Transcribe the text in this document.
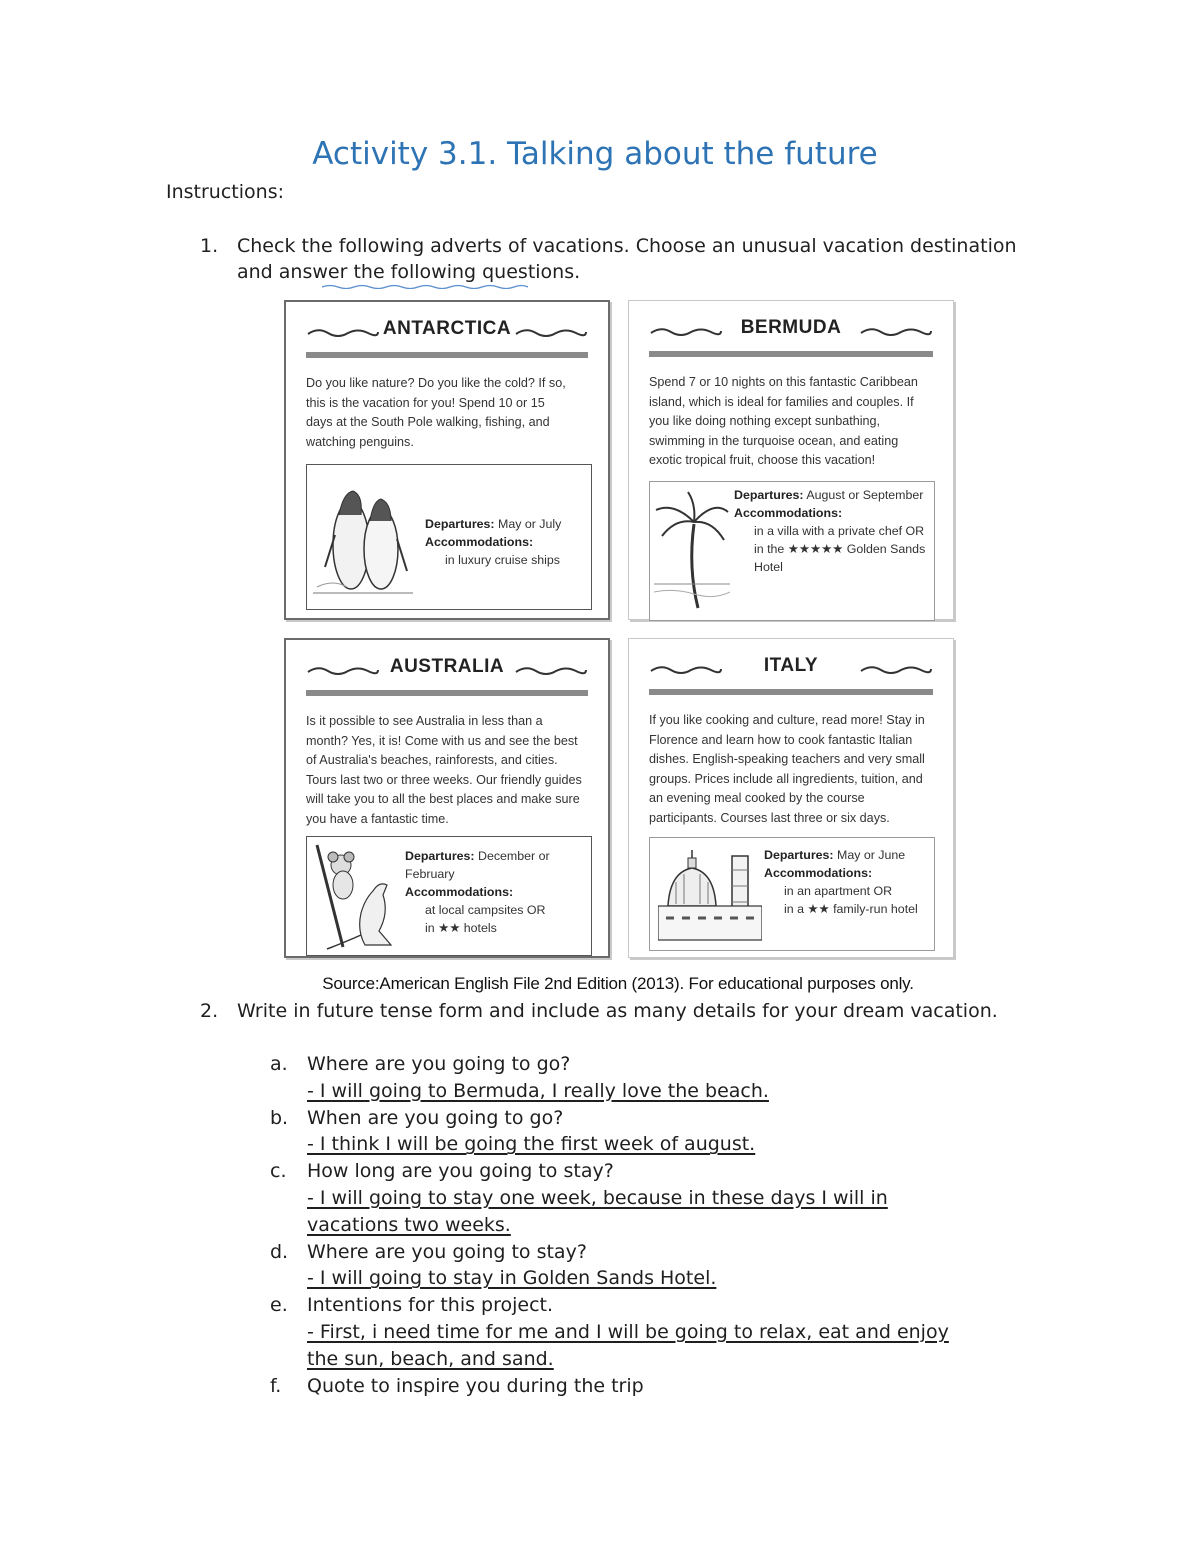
Activity 3.1. Talking about the future
Instructions:
1. Check the following adverts of vacations. Choose an unusual vacation destination and answer the following questions.
ANTARCTICA
Do you like nature? Do you like the cold? If so, this is the vacation for you! Spend 10 or 15 days at the South Pole walking, fishing, and watching penguins.
Departures: May or July
Accommodations:
in luxury cruise ships
BERMUDA
Spend 7 or 10 nights on this fantastic Caribbean island, which is ideal for families and couples. If you like doing nothing except sunbathing, swimming in the turquoise ocean, and eating exotic tropical fruit, choose this vacation!
Departures: August or September
Accommodations:
in a villa with a private chef OR
in the ★★★★★ Golden Sands Hotel
AUSTRALIA
Is it possible to see Australia in less than a month? Yes, it is! Come with us and see the best of Australia's beaches, rainforests, and cities. Tours last two or three weeks. Our friendly guides will take you to all the best places and make sure you have a fantastic time.
Departures: December or February
Accommodations:
at local campsites OR
in ★★ hotels
ITALY
If you like cooking and culture, read more! Stay in Florence and learn how to cook fantastic Italian dishes. English-speaking teachers and very small groups. Prices include all ingredients, tuition, and an evening meal cooked by the course participants. Courses last three or six days.
Departures: May or June
Accommodations:
in an apartment OR
in a ★★ family-run hotel
Source:American English File 2nd Edition (2013). For educational purposes only.
2. Write in future tense form and include as many details for your dream vacation.
a. Where are you going to go?
- I will going to Bermuda, I really love the beach.
b. When are you going to go?
- I think I will be going the first week of august.
c. How long are you going to stay?
- I will going to stay one week, because in these days I will in vacations two weeks.
d. Where are you going to stay?
- I will going to stay in Golden Sands Hotel.
e. Intentions for this project.
- First, i need time for me and I will be going to relax, eat and enjoy the sun, beach, and sand.
f. Quote to inspire you during the trip
